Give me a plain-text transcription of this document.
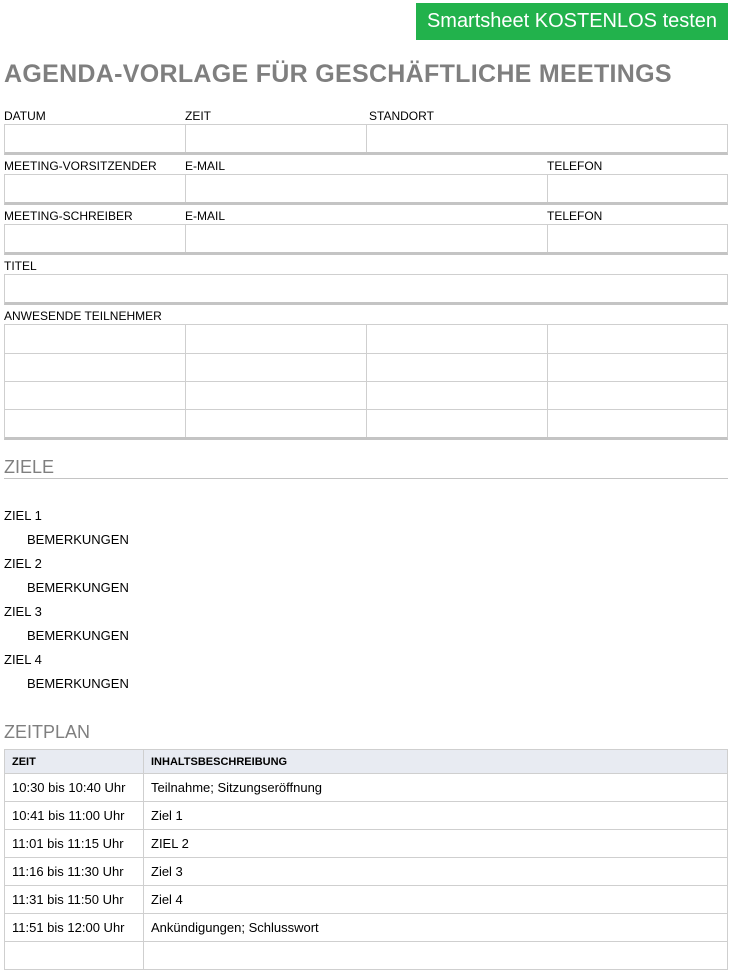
Smartsheet KOSTENLOS testen
AGENDA-VORLAGE FÜR GESCHÄFTLICHE MEETINGS
DATUM	ZEIT	STANDORT
MEETING-VORSITZENDER E-MAIL	TELEFON
MEETING-SCHREIBER	E-MAIL	TELEFON
TITEL
ANWESENDE TEILNEHMER
ZIELE
ZIEL 1
BEMERKUNGEN
ZIEL 2
BEMERKUNGEN
ZIEL 3
BEMERKUNGEN
ZIEL 4
BEMERKUNGEN
ZEITPLAN
ZEIT	INHALTSBESCHREIBUNG
10:30 bis 10:40 Uhr	Teilnahme; Sitzungseröffnung
10:41 bis 11:00 Uhr	Ziel 1
11:01 bis 11:15 Uhr	ZIEL 2
11:16 bis 11:30 Uhr	Ziel 3
11:31 bis 11:50 Uhr	Ziel 4
11:51 bis 12:00 Uhr	Ankündigungen; Schlusswort
